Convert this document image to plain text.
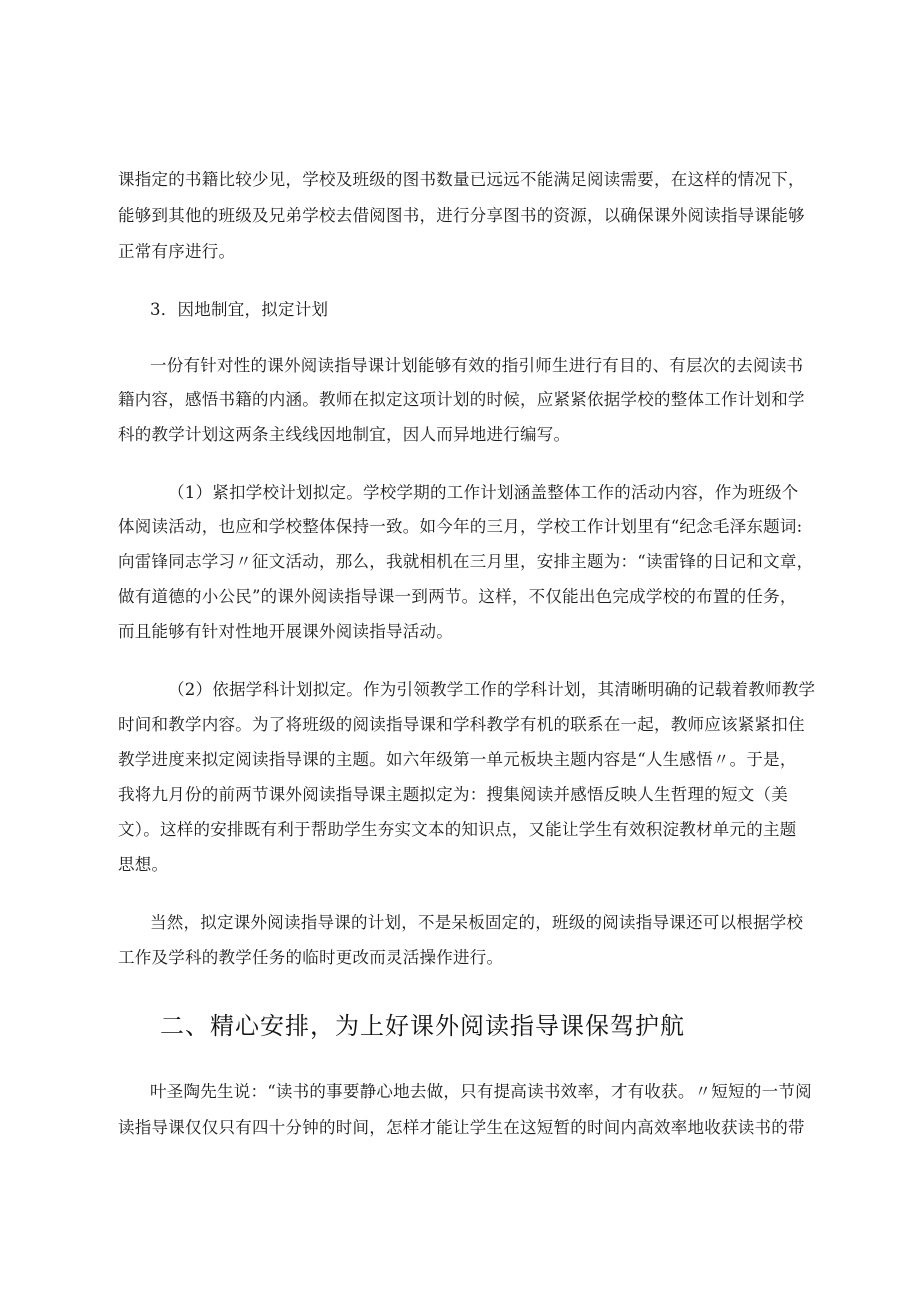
课指定的书籍比较少见，学校及班级的图书数量已远远不能满足阅读需要，在这样的情况下，
能够到其他的班级及兄弟学校去借阅图书，进行分享图书的资源，以确保课外阅读指导课能够
正常有序进行。
3．因地制宜，拟定计划
一份有针对性的课外阅读指导课计划能够有效的指引师生进行有目的、有层次的去阅读书
籍内容，感悟书籍的内涵。教师在拟定这项计划的时候，应紧紧依据学校的整体工作计划和学
科的教学计划这两条主线线因地制宜，因人而异地进行编写。
（1）紧扣学校计划拟定。学校学期的工作计划涵盖整体工作的活动内容，作为班级个
体阅读活动，也应和学校整体保持一致。如今年的三月，学校工作计划里有“纪念毛泽东题词:
向雷锋同志学习〃征文活动，那么，我就相机在三月里，安排主题为：“读雷锋的日记和文章，
做有道德的小公民”的课外阅读指导课一到两节。这样，不仅能出色完成学校的布置的任务，
而且能够有针对性地开展课外阅读指导活动。
（2）依据学科计划拟定。作为引领教学工作的学科计划，其清晰明确的记载着教师教学
时间和教学内容。为了将班级的阅读指导课和学科教学有机的联系在一起，教师应该紧紧扣住
教学进度来拟定阅读指导课的主题。如六年级第一单元板块主题内容是“人生感悟〃。于是，
我将九月份的前两节课外阅读指导课主题拟定为：搜集阅读并感悟反映人生哲理的短文（美
文）。这样的安排既有利于帮助学生夯实文本的知识点，又能让学生有效积淀教材单元的主题
思想。
当然，拟定课外阅读指导课的计划，不是呆板固定的，班级的阅读指导课还可以根据学校
工作及学科的教学任务的临时更改而灵活操作进行。
二、精心安排，为上好课外阅读指导课保驾护航
叶圣陶先生说：“读书的事要静心地去做，只有提高读书效率，才有收获。〃短短的一节阅
读指导课仅仅只有四十分钟的时间，怎样才能让学生在这短暂的时间内高效率地收获读书的带
